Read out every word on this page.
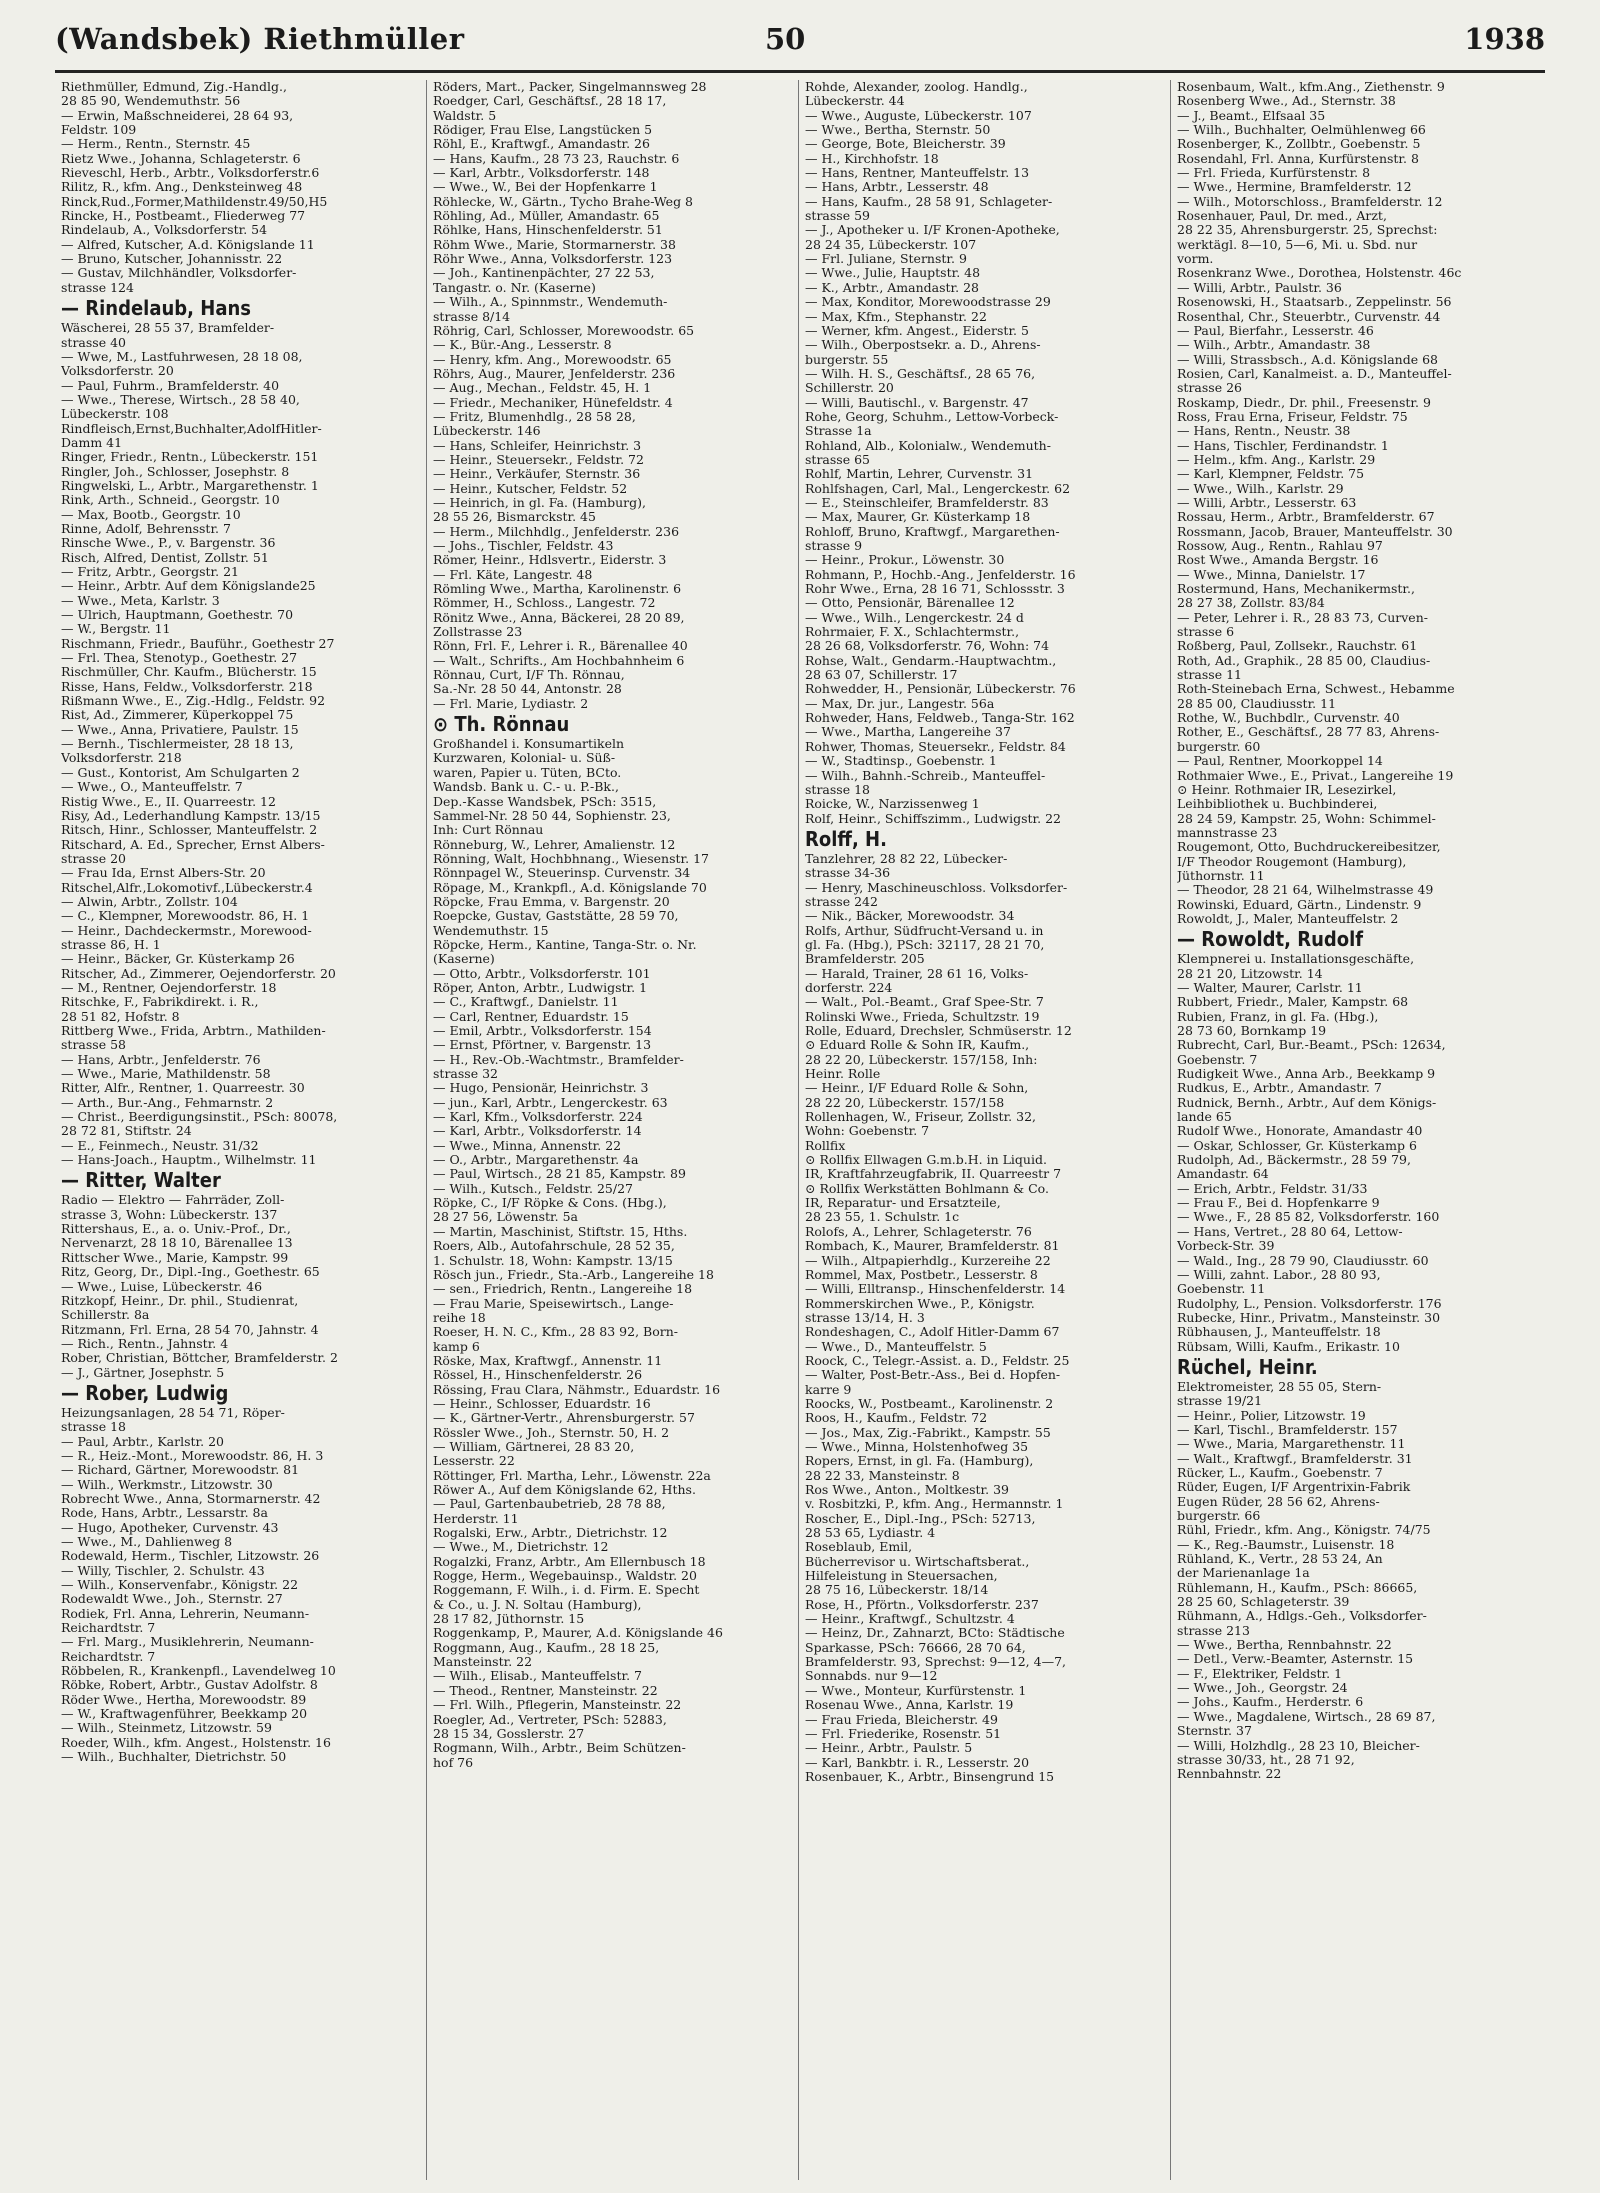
(Wandsbek) Riethmüller	50	1938
Riethmüller, Edmund, Zig.-Handlg.,
28 85 90, Wendemuthstr. 56
— Erwin, Maßschneiderei, 28 64 93,
Feldstr. 109
— Herm., Rentn., Sternstr. 45
Rietz Wwe., Johanna, Schlageterstr. 6
Rieveschl, Herb., Arbtr., Volksdorferstr.6
Rilitz, R., kfm. Ang., Denksteinweg 48
Rinck,Rud.,Former,Mathildenstr.49/50,H5
Rincke, H., Postbeamt., Fliederweg 77
Rindelaub, A., Volksdorferstr. 54
— Alfred, Kutscher, A.d. Königslande 11
— Bruno, Kutscher, Johannisstr. 22
— Gustav, Milchhändler, Volksdorfer-
strasse 124
— Rindelaub, Hans
Wäscherei, 28 55 37, Bramfelder-
strasse 40
— Wwe, M., Lastfuhrwesen, 28 18 08,
Volksdorferstr. 20
— Paul, Fuhrm., Bramfelderstr. 40
— Wwe., Therese, Wirtsch., 28 58 40,
Lübeckerstr. 108
Rindfleisch,Ernst,Buchhalter,AdolfHitler-
Damm 41
Ringer, Friedr., Rentn., Lübeckerstr. 151
Ringler, Joh., Schlosser, Josephstr. 8
Ringwelski, L., Arbtr., Margarethenstr. 1
Rink, Arth., Schneid., Georgstr. 10
— Max, Bootb., Georgstr. 10
Rinne, Adolf, Behrensstr. 7
Rinsche Wwe., P., v. Bargenstr. 36
Risch, Alfred, Dentist, Zollstr. 51
— Fritz, Arbtr., Georgstr. 21
— Heinr., Arbtr. Auf dem Königslande25
— Wwe., Meta, Karlstr. 3
— Ulrich, Hauptmann, Goethestr. 70
— W., Bergstr. 11
Rischmann, Friedr., Bauführ., Goethestr 27
— Frl. Thea, Stenotyp., Goethestr. 27
Rischmüller, Chr. Kaufm., Blücherstr. 15
Risse, Hans, Feldw., Volksdorferstr. 218
Rißmann Wwe., E., Zig.-Hdlg., Feldstr. 92
Rist, Ad., Zimmerer, Küperkoppel 75
— Wwe., Anna, Privatiere, Paulstr. 15
— Bernh., Tischlermeister, 28 18 13,
Volksdorferstr. 218
— Gust., Kontorist, Am Schulgarten 2
— Wwe., O., Manteuffelstr. 7
Ristig Wwe., E., II. Quarreestr. 12
Risy, Ad., Lederhandlung Kampstr. 13/15
Ritsch, Hinr., Schlosser, Manteuffelstr. 2
Ritschard, A. Ed., Sprecher, Ernst Albers-
strasse 20
— Frau Ida, Ernst Albers-Str. 20
Ritschel,Alfr.,Lokomotivf.,Lübeckerstr.4
— Alwin, Arbtr., Zollstr. 104
— C., Klempner, Morewoodstr. 86, H. 1
— Heinr., Dachdeckermstr., Morewood-
strasse 86, H. 1
— Heinr., Bäcker, Gr. Küsterkamp 26
Ritscher, Ad., Zimmerer, Oejendorferstr. 20
— M., Rentner, Oejendorferstr. 18
Ritschke, F., Fabrikdirekt. i. R.,
28 51 82, Hofstr. 8
Rittberg Wwe., Frida, Arbtrn., Mathilden-
strasse 58
— Hans, Arbtr., Jenfelderstr. 76
— Wwe., Marie, Mathildenstr. 58
Ritter, Alfr., Rentner, 1. Quarreestr. 30
— Arth., Bur.-Ang., Fehmarnstr. 2
— Christ., Beerdigungsinstit., PSch: 80078,
28 72 81, Stiftstr. 24
— E., Feinmech., Neustr. 31/32
— Hans-Joach., Hauptm., Wilhelmstr. 11
— Ritter, Walter
Radio — Elektro — Fahrräder, Zoll-
strasse 3, Wohn: Lübeckerstr. 137
Rittershaus, E., a. o. Univ.-Prof., Dr.,
Nervenarzt, 28 18 10, Bärenallee 13
Rittscher Wwe., Marie, Kampstr. 99
Ritz, Georg, Dr., Dipl.-Ing., Goethestr. 65
— Wwe., Luise, Lübeckerstr. 46
Ritzkopf, Heinr., Dr. phil., Studienrat,
Schillerstr. 8a
Ritzmann, Frl. Erna, 28 54 70, Jahnstr. 4
— Rich., Rentn., Jahnstr. 4
Rober, Christian, Böttcher, Bramfelderstr. 2
— J., Gärtner, Josephstr. 5
— Rober, Ludwig
Heizungsanlagen, 28 54 71, Röper-
strasse 18
— Paul, Arbtr., Karlstr. 20
— R., Heiz.-Mont., Morewoodstr. 86, H. 3
— Richard, Gärtner, Morewoodstr. 81
— Wilh., Werkmstr., Litzowstr. 30
Robrecht Wwe., Anna, Stormarnerstr. 42
Rode, Hans, Arbtr., Lessarstr. 8a
— Hugo, Apotheker, Curvenstr. 43
— Wwe., M., Dahlienweg 8
Rodewald, Herm., Tischler, Litzowstr. 26
— Willy, Tischler, 2. Schulstr. 43
— Wilh., Konservenfabr., Königstr. 22
Rodewaldt Wwe., Joh., Sternstr. 27
Rodiek, Frl. Anna, Lehrerin, Neumann-
Reichardtstr. 7
— Frl. Marg., Musiklehrerin, Neumann-
Reichardtstr. 7
Röbbelen, R., Krankenpfl., Lavendelweg 10
Röbke, Robert, Arbtr., Gustav Adolfstr. 8
Röder Wwe., Hertha, Morewoodstr. 89
— W., Kraftwagenführer, Beekkamp 20
— Wilh., Steinmetz, Litzowstr. 59
Roeder, Wilh., kfm. Angest., Holstenstr. 16
— Wilh., Buchhalter, Dietrichstr. 50
Röders, Mart., Packer, Singelmannsweg 28
Roedger, Carl, Geschäftsf., 28 18 17,
Waldstr. 5
Rödiger, Frau Else, Langstücken 5
Röhl, E., Kraftwgf., Amandastr. 26
— Hans, Kaufm., 28 73 23, Rauchstr. 6
— Karl, Arbtr., Volksdorferstr. 148
— Wwe., W., Bei der Hopfenkarre 1
Röhlecke, W., Gärtn., Tycho Brahe-Weg 8
Röhling, Ad., Müller, Amandastr. 65
Röhlke, Hans, Hinschenfelderstr. 51
Röhm Wwe., Marie, Stormarnerstr. 38
Röhr Wwe., Anna, Volksdorferstr. 123
— Joh., Kantinenpächter, 27 22 53,
Tangastr. o. Nr. (Kaserne)
— Wilh., A., Spinnmstr., Wendemuth-
strasse 8/14
Röhrig, Carl, Schlosser, Morewoodstr. 65
— K., Bür.-Ang., Lesserstr. 8
— Henry, kfm. Ang., Morewoodstr. 65
Röhrs, Aug., Maurer, Jenfelderstr. 236
— Aug., Mechan., Feldstr. 45, H. 1
— Friedr., Mechaniker, Hünefeldstr. 4
— Fritz, Blumenhdlg., 28 58 28,
Lübeckerstr. 146
— Hans, Schleifer, Heinrichstr. 3
— Heinr., Steuersekr., Feldstr. 72
— Heinr., Verkäufer, Sternstr. 36
— Heinr., Kutscher, Feldstr. 52
— Heinrich, in gl. Fa. (Hamburg),
28 55 26, Bismarckstr. 45
— Herm., Milchhdlg., Jenfelderstr. 236
— Johs., Tischler, Feldstr. 43
Römer, Heinr., Hdlsvertr., Eiderstr. 3
— Frl. Käte, Langestr. 48
Römling Wwe., Martha, Karolinenstr. 6
Römmer, H., Schloss., Langestr. 72
Rönitz Wwe., Anna, Bäckerei, 28 20 89,
Zollstrasse 23
Rönn, Frl. F., Lehrer i. R., Bärenallee 40
— Walt., Schrifts., Am Hochbahnheim 6
Rönnau, Curt, I/F Th. Rönnau,
Sa.-Nr. 28 50 44, Antonstr. 28
— Frl. Marie, Lydiastr. 2
⊙ Th. Rönnau
Großhandel i. Konsumartikeln
Kurzwaren, Kolonial- u. Süß-
waren, Papier u. Tüten, BCto.
Wandsb. Bank u. C.- u. P.-Bk.,
Dep.-Kasse Wandsbek, PSch: 3515,
Sammel-Nr. 28 50 44, Sophienstr. 23,
Inh: Curt Rönnau
Rönneburg, W., Lehrer, Amalienstr. 12
Rönning, Walt, Hochbhnang., Wiesenstr. 17
Rönnpagel W., Steuerinsp. Curvenstr. 34
Röpage, M., Krankpfl., A.d. Königslande 70
Röpcke, Frau Emma, v. Bargenstr. 20
Roepcke, Gustav, Gaststätte, 28 59 70,
Wendemuthstr. 15
Röpcke, Herm., Kantine, Tanga-Str. o. Nr.
(Kaserne)
— Otto, Arbtr., Volksdorferstr. 101
Röper, Anton, Arbtr., Ludwigstr. 1
— C., Kraftwgf., Danielstr. 11
— Carl, Rentner, Eduardstr. 15
— Emil, Arbtr., Volksdorferstr. 154
— Ernst, Pförtner, v. Bargenstr. 13
— H., Rev.-Ob.-Wachtmstr., Bramfelder-
strasse 32
— Hugo, Pensionär, Heinrichstr. 3
— jun., Karl, Arbtr., Lengerckestr. 63
— Karl, Kfm., Volksdorferstr. 224
— Karl, Arbtr., Volksdorferstr. 14
— Wwe., Minna, Annenstr. 22
— O., Arbtr., Margarethenstr. 4a
— Paul, Wirtsch., 28 21 85, Kampstr. 89
— Wilh., Kutsch., Feldstr. 25/27
Röpke, C., I/F Röpke & Cons. (Hbg.),
28 27 56, Löwenstr. 5a
— Martin, Maschinist, Stiftstr. 15, Hths.
Roers, Alb., Autofahrschule, 28 52 35,
1. Schulstr. 18, Wohn: Kampstr. 13/15
Rösch jun., Friedr., Sta.-Arb., Langereihe 18
— sen., Friedrich, Rentn., Langereihe 18
— Frau Marie, Speisewirtsch., Lange-
reihe 18
Roeser, H. N. C., Kfm., 28 83 92, Born-
kamp 6
Röske, Max, Kraftwgf., Annenstr. 11
Rössel, H., Hinschenfelderstr. 26
Rössing, Frau Clara, Nähmstr., Eduardstr. 16
— Heinr., Schlosser, Eduardstr. 16
— K., Gärtner-Vertr., Ahrensburgerstr. 57
Rössler Wwe., Joh., Sternstr. 50, H. 2
— William, Gärtnerei, 28 83 20,
Lesserstr. 22
Röttinger, Frl. Martha, Lehr., Löwenstr. 22a
Röwer A., Auf dem Königslande 62, Hths.
— Paul, Gartenbaubetrieb, 28 78 88,
Herderstr. 11
Rogalski, Erw., Arbtr., Dietrichstr. 12
— Wwe., M., Dietrichstr. 12
Rogalzki, Franz, Arbtr., Am Ellernbusch 18
Rogge, Herm., Wegebauinsp., Waldstr. 20
Roggemann, F. Wilh., i. d. Firm. E. Specht
& Co., u. J. N. Soltau (Hamburg),
28 17 82, Jüthornstr. 15
Roggenkamp, P., Maurer, A.d. Königslande 46
Roggmann, Aug., Kaufm., 28 18 25,
Mansteinstr. 22
— Wilh., Elisab., Manteuffelstr. 7
— Theod., Rentner, Mansteinstr. 22
— Frl. Wilh., Pflegerin, Mansteinstr. 22
Roegler, Ad., Vertreter, PSch: 52883,
28 15 34, Gosslerstr. 27
Rogmann, Wilh., Arbtr., Beim Schützen-
hof 76
Rohde, Alexander, zoolog. Handlg.,
Lübeckerstr. 44
— Wwe., Auguste, Lübeckerstr. 107
— Wwe., Bertha, Sternstr. 50
— George, Bote, Bleicherstr. 39
— H., Kirchhofstr. 18
— Hans, Rentner, Manteuffelstr. 13
— Hans, Arbtr., Lesserstr. 48
— Hans, Kaufm., 28 58 91, Schlageter-
strasse 59
— J., Apotheker u. I/F Kronen-Apotheke,
28 24 35, Lübeckerstr. 107
— Frl. Juliane, Sternstr. 9
— Wwe., Julie, Hauptstr. 48
— K., Arbtr., Amandastr. 28
— Max, Konditor, Morewoodstrasse 29
— Max, Kfm., Stephanstr. 22
— Werner, kfm. Angest., Eiderstr. 5
— Wilh., Oberpostsekr. a. D., Ahrens-
burgerstr. 55
— Wilh. H. S., Geschäftsf., 28 65 76,
Schillerstr. 20
— Willi, Bautischl., v. Bargenstr. 47
Rohe, Georg, Schuhm., Lettow-Vorbeck-
Strasse 1a
Rohland, Alb., Kolonialw., Wendemuth-
strasse 65
Rohlf, Martin, Lehrer, Curvenstr. 31
Rohlfshagen, Carl, Mal., Lengerckestr. 62
— E., Steinschleifer, Bramfelderstr. 83
— Max, Maurer, Gr. Küsterkamp 18
Rohloff, Bruno, Kraftwgf., Margarethen-
strasse 9
— Heinr., Prokur., Löwenstr. 30
Rohmann, P., Hochb.-Ang., Jenfelderstr. 16
Rohr Wwe., Erna, 28 16 71, Schlossstr. 3
— Otto, Pensionär, Bärenallee 12
— Wwe., Wilh., Lengerckestr. 24 d
Rohrmaier, F. X., Schlachtermstr.,
28 26 68, Volksdorferstr. 76, Wohn: 74
Rohse, Walt., Gendarm.-Hauptwachtm.,
28 63 07, Schillerstr. 17
Rohwedder, H., Pensionär, Lübeckerstr. 76
— Max, Dr. jur., Langestr. 56a
Rohweder, Hans, Feldweb., Tanga-Str. 162
— Wwe., Martha, Langereihe 37
Rohwer, Thomas, Steuersekr., Feldstr. 84
— W., Stadtinsp., Goebenstr. 1
— Wilh., Bahnh.-Schreib., Manteuffel-
strasse 18
Roicke, W., Narzissenweg 1
Rolf, Heinr., Schiffszimm., Ludwigstr. 22
Rolff, H.
Tanzlehrer, 28 82 22, Lübecker-
strasse 34-36
— Henry, Maschineuschloss. Volksdorfer-
strasse 242
— Nik., Bäcker, Morewoodstr. 34
Rolfs, Arthur, Südfrucht-Versand u. in
gl. Fa. (Hbg.), PSch: 32117, 28 21 70,
Bramfelderstr. 205
— Harald, Trainer, 28 61 16, Volks-
dorferstr. 224
— Walt., Pol.-Beamt., Graf Spee-Str. 7
Rolinski Wwe., Frieda, Schultzstr. 19
Rolle, Eduard, Drechsler, Schmüserstr. 12
⊙ Eduard Rolle & Sohn IR, Kaufm.,
28 22 20, Lübeckerstr. 157/158, Inh:
Heinr. Rolle
— Heinr., I/F Eduard Rolle & Sohn,
28 22 20, Lübeckerstr. 157/158
Rollenhagen, W., Friseur, Zollstr. 32,
Wohn: Goebenstr. 7
Rollfix
⊙ Rollfix Ellwagen G.m.b.H. in Liquid.
IR, Kraftfahrzeugfabrik, II. Quarreestr 7
⊙ Rollfix Werkstätten Bohlmann & Co.
IR, Reparatur- und Ersatzteile,
28 23 55, 1. Schulstr. 1c
Rolofs, A., Lehrer, Schlageterstr. 76
Rombach, K., Maurer, Bramfelderstr. 81
— Wilh., Altpapierhdlg., Kurzereihe 22
Rommel, Max, Postbetr., Lesserstr. 8
— Willi, Elltransp., Hinschenfelderstr. 14
Rommerskirchen Wwe., P., Königstr.
strasse 13/14, H. 3
Rondeshagen, C., Adolf Hitler-Damm 67
— Wwe., D., Manteuffelstr. 5
Roock, C., Telegr.-Assist. a. D., Feldstr. 25
— Walter, Post-Betr.-Ass., Bei d. Hopfen-
karre 9
Roocks, W., Postbeamt., Karolinenstr. 2
Roos, H., Kaufm., Feldstr. 72
— Jos., Max, Zig.-Fabrikt., Kampstr. 55
— Wwe., Minna, Holstenhofweg 35
Ropers, Ernst, in gl. Fa. (Hamburg),
28 22 33, Mansteinstr. 8
Ros Wwe., Anton., Moltkestr. 39
v. Rosbitzki, P., kfm. Ang., Hermannstr. 1
Roscher, E., Dipl.-Ing., PSch: 52713,
28 53 65, Lydiastr. 4
Roseblaub, Emil,
Bücherrevisor u. Wirtschaftsberat.,
Hilfeleistung in Steuersachen,
28 75 16, Lübeckerstr. 18/14
Rose, H., Pförtn., Volksdorferstr. 237
— Heinr., Kraftwgf., Schultzstr. 4
— Heinz, Dr., Zahnarzt, BCto: Städtische
Sparkasse, PSch: 76666, 28 70 64,
Bramfelderstr. 93, Sprechst: 9—12, 4—7,
Sonnabds. nur 9—12
— Wwe., Monteur, Kurfürstenstr. 1
Rosenau Wwe., Anna, Karlstr. 19
— Frau Frieda, Bleicherstr. 49
— Frl. Friederike, Rosenstr. 51
— Heinr., Arbtr., Paulstr. 5
— Karl, Bankbtr. i. R., Lesserstr. 20
Rosenbauer, K., Arbtr., Binsengrund 15
Rosenbaum, Walt., kfm.Ang., Ziethenstr. 9
Rosenberg Wwe., Ad., Sternstr. 38
— J., Beamt., Elfsaal 35
— Wilh., Buchhalter, Oelmühlenweg 66
Rosenberger, K., Zollbtr., Goebenstr. 5
Rosendahl, Frl. Anna, Kurfürstenstr. 8
— Frl. Frieda, Kurfürstenstr. 8
— Wwe., Hermine, Bramfelderstr. 12
— Wilh., Motorschloss., Bramfelderstr. 12
Rosenhauer, Paul, Dr. med., Arzt,
28 22 35, Ahrensburgerstr. 25, Sprechst:
werktägl. 8—10, 5—6, Mi. u. Sbd. nur
vorm.
Rosenkranz Wwe., Dorothea, Holstenstr. 46c
— Willi, Arbtr., Paulstr. 36
Rosenowski, H., Staatsarb., Zeppelinstr. 56
Rosenthal, Chr., Steuerbtr., Curvenstr. 44
— Paul, Bierfahr., Lesserstr. 46
— Wilh., Arbtr., Amandastr. 38
— Willi, Strassbsch., A.d. Königslande 68
Rosien, Carl, Kanalmeist. a. D., Manteuffel-
strasse 26
Roskamp, Diedr., Dr. phil., Freesenstr. 9
Ross, Frau Erna, Friseur, Feldstr. 75
— Hans, Rentn., Neustr. 38
— Hans, Tischler, Ferdinandstr. 1
— Helm., kfm. Ang., Karlstr. 29
— Karl, Klempner, Feldstr. 75
— Wwe., Wilh., Karlstr. 29
— Willi, Arbtr., Lesserstr. 63
Rossau, Herm., Arbtr., Bramfelderstr. 67
Rossmann, Jacob, Brauer, Manteuffelstr. 30
Rossow, Aug., Rentn., Rahlau 97
Rost Wwe., Amanda Bergstr. 16
— Wwe., Minna, Danielstr. 17
Rostermund, Hans, Mechanikermstr.,
28 27 38, Zollstr. 83/84
— Peter, Lehrer i. R., 28 83 73, Curven-
strasse 6
Roßberg, Paul, Zollsekr., Rauchstr. 61
Roth, Ad., Graphik., 28 85 00, Claudius-
strasse 11
Roth-Steinebach Erna, Schwest., Hebamme
28 85 00, Claudiusstr. 11
Rothe, W., Buchbdlr., Curvenstr. 40
Rother, E., Geschäftsf., 28 77 83, Ahrens-
burgerstr. 60
— Paul, Rentner, Moorkoppel 14
Rothmaier Wwe., E., Privat., Langereihe 19
⊙ Heinr. Rothmaier IR, Lesezirkel,
Leihbibliothek u. Buchbinderei,
28 24 59, Kampstr. 25, Wohn: Schimmel-
mannstrasse 23
Rougemont, Otto, Buchdruckereibesitzer,
I/F Theodor Rougemont (Hamburg),
Jüthornstr. 11
— Theodor, 28 21 64, Wilhelmstrasse 49
Rowinski, Eduard, Gärtn., Lindenstr. 9
Rowoldt, J., Maler, Manteuffelstr. 2
— Rowoldt, Rudolf
Klempnerei u. Installationsgeschäfte,
28 21 20, Litzowstr. 14
— Walter, Maurer, Carlstr. 11
Rubbert, Friedr., Maler, Kampstr. 68
Rubien, Franz, in gl. Fa. (Hbg.),
28 73 60, Bornkamp 19
Rubrecht, Carl, Bur.-Beamt., PSch: 12634,
Goebenstr. 7
Rudigkeit Wwe., Anna Arb., Beekkamp 9
Rudkus, E., Arbtr., Amandastr. 7
Rudnick, Bernh., Arbtr., Auf dem Königs-
lande 65
Rudolf Wwe., Honorate, Amandastr 40
— Oskar, Schlosser, Gr. Küsterkamp 6
Rudolph, Ad., Bäckermstr., 28 59 79,
Amandastr. 64
— Erich, Arbtr., Feldstr. 31/33
— Frau F., Bei d. Hopfenkarre 9
— Wwe., F., 28 85 82, Volksdorferstr. 160
— Hans, Vertret., 28 80 64, Lettow-
Vorbeck-Str. 39
— Wald., Ing., 28 79 90, Claudiusstr. 60
— Willi, zahnt. Labor., 28 80 93,
Goebenstr. 11
Rudolphy, L., Pension. Volksdorferstr. 176
Rubecke, Hinr., Privatm., Mansteinstr. 30
Rübhausen, J., Manteuffelstr. 18
Rübsam, Willi, Kaufm., Erikastr. 10
Rüchel, Heinr.
Elektromeister, 28 55 05, Stern-
strasse 19/21
— Heinr., Polier, Litzowstr. 19
— Karl, Tischl., Bramfelderstr. 157
— Wwe., Maria, Margarethenstr. 11
— Walt., Kraftwgf., Bramfelderstr. 31
Rücker, L., Kaufm., Goebenstr. 7
Rüder, Eugen, I/F Argentrixin-Fabrik
Eugen Rüder, 28 56 62, Ahrens-
burgerstr. 66
Rühl, Friedr., kfm. Ang., Königstr. 74/75
— K., Reg.-Baumstr., Luisenstr. 18
Rühland, K., Vertr., 28 53 24, An
der Marienanlage 1a
Rühlemann, H., Kaufm., PSch: 86665,
28 25 60, Schlageterstr. 39
Rühmann, A., Hdlgs.-Geh., Volksdorfer-
strasse 213
— Wwe., Bertha, Rennbahnstr. 22
— Detl., Verw.-Beamter, Asternstr. 15
— F., Elektriker, Feldstr. 1
— Wwe., Joh., Georgstr. 24
— Johs., Kaufm., Herderstr. 6
— Wwe., Magdalene, Wirtsch., 28 69 87,
Sternstr. 37
— Willi, Holzhdlg., 28 23 10, Bleicher-
strasse 30/33, ht., 28 71 92,
Rennbahnstr. 22
